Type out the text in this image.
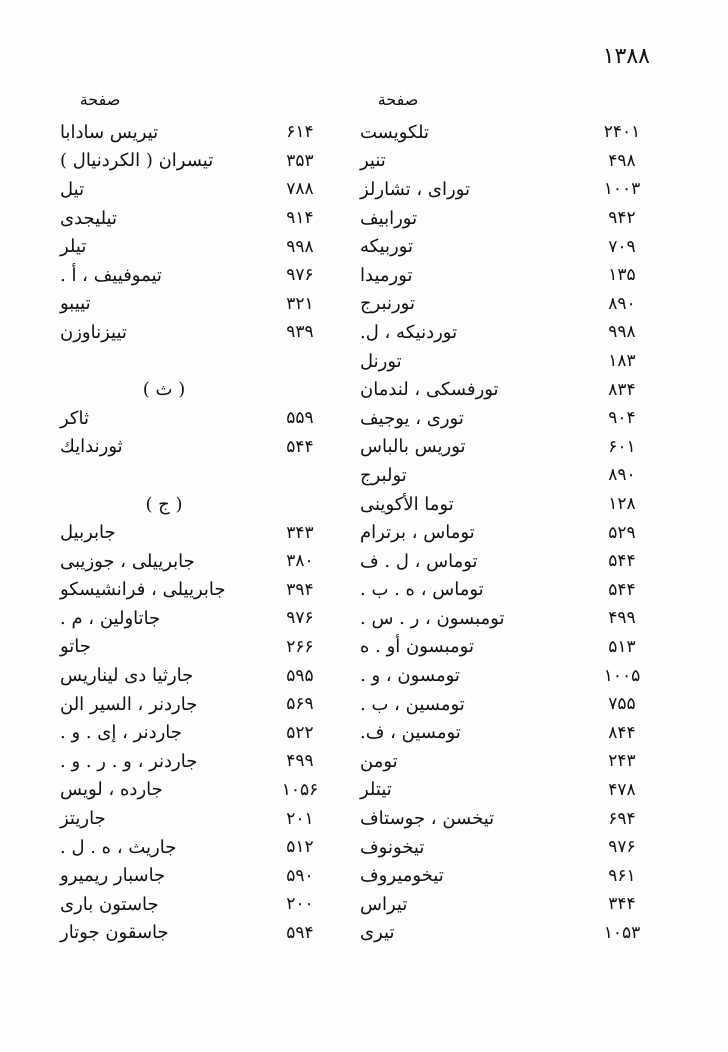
۱۳۸۸
صفحة
صفحة
تلكويست	۲۴۰۱
تنير	۴۹۸
توراى ، تشارلز	۱۰۰۳
تورابيف	۹۴۲
توربيكه	۷۰۹
تورميدا	۱۳۵
تورنبرج	۸۹۰
توردنيكه ، ل.	۹۹۸
تورنل	۱۸۳
تورفسكى ، لندمان	۸۳۴
تورى ، يوجيف	۹۰۴
توريس بالباس	۶۰۱
تولبرج	۸۹۰
توما الأكوينى	۱۲۸
توماس ، برترام	۵۲۹
توماس ، ل . ف	۵۴۴
توماس ، ه . ب .	۵۴۴
تومبسون ، ر . س .	۴۹۹
تومبسون أو . ه	۵۱۳
تومسون ، و .	۱۰۰۵
تومسين ، ب .	۷۵۵
تومسين ، ف.	۸۴۴
تومن	۲۴۳
تيتلر	۴۷۸
تيخسن ، جوستاف	۶۹۴
تيخونوف	۹۷۶
تيخوميروف	۹۶۱
تيراس	۳۴۴
تيرى	۱۰۵۳
تيريس سادابا	۶۱۴
تيسران ( الكردنيال )	۳۵۳
تيل	۷۸۸
تيليجدى	۹۱۴
تيلر	۹۹۸
تيموفييف ، أ .	۹۷۶
تييبو	۳۲۱
تييزناوزن	۹۳۹
( ث )
ثاكر	۵۵۹
ثورندايك	۵۴۴
( ج )
جابربيل	۳۴۳
جابرييلى ، جوزيبى	۳۸۰
جابرييلى ، فرانشيسكو	۳۹۴
جاتاولين ، م .	۹۷۶
جاتو	۲۶۶
جارثيا دى ليناريس	۵۹۵
جاردنر ، السير الن	۵۶۹
جاردنر ، إى . و .	۵۲۲
جاردنر ، و . ر . و .	۴۹۹
جارده ، لويس	۱۰۵۶
جاريتز	۲۰۱
جاريث ، ه . ل .	۵۱۲
جاسبار ريميرو	۵۹۰
جاستون بارى	۲۰۰
جاسقون جوتار	۵۹۴
